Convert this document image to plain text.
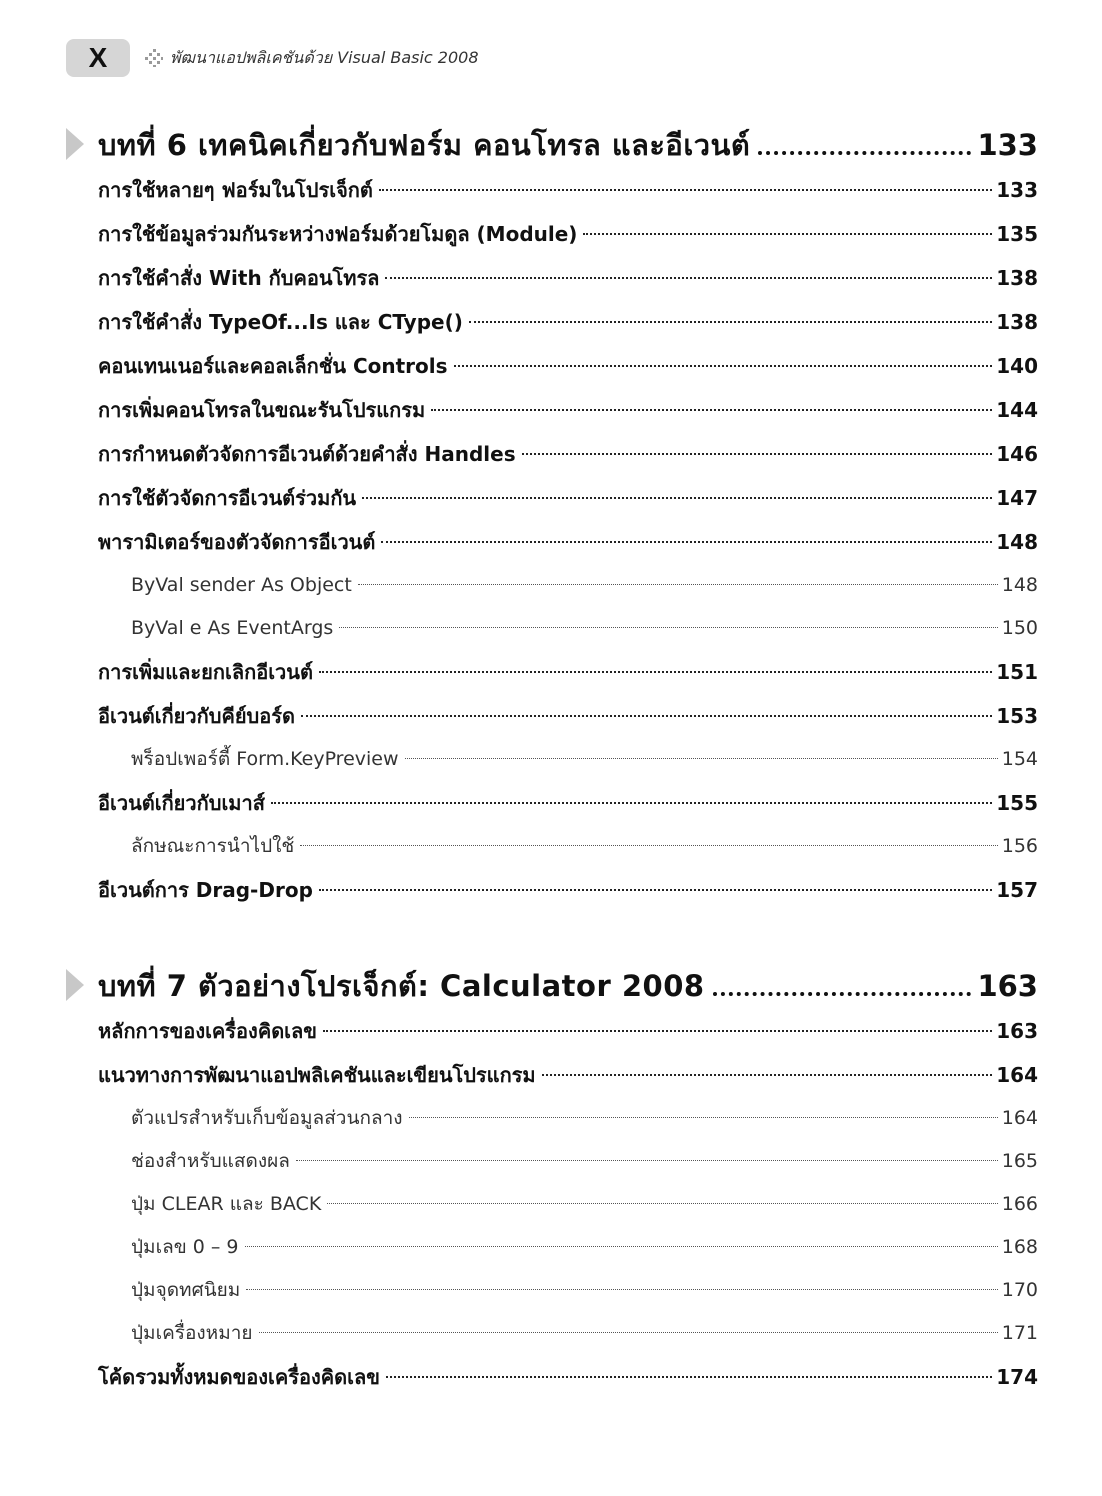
X	พัฒนาแอปพลิเคชันด้วย Visual Basic 2008
บทที่ 6 เทคนิคเกี่ยวกับฟอร์ม คอนโทรล และอีเวนต์	133
การใช้หลายๆ ฟอร์มในโปรเจ็กต์	133
การใช้ข้อมูลร่วมกันระหว่างฟอร์มด้วยโมดูล (Module)	135
การใช้คำสั่ง With กับคอนโทรล	138
การใช้คำสั่ง TypeOf...Is และ CType()	138
คอนเทนเนอร์และคอลเล็กชั่น Controls	140
การเพิ่มคอนโทรลในขณะรันโปรแกรม	144
การกำหนดตัวจัดการอีเวนต์ด้วยคำสั่ง Handles	146
การใช้ตัวจัดการอีเวนต์ร่วมกัน	147
พารามิเตอร์ของตัวจัดการอีเวนต์	148
ByVal sender As Object	148
ByVal e As EventArgs	150
การเพิ่มและยกเลิกอีเวนต์	151
อีเวนต์เกี่ยวกับคีย์บอร์ด	153
พร็อปเพอร์ตี้ Form.KeyPreview	154
อีเวนต์เกี่ยวกับเมาส์	155
ลักษณะการนำไปใช้	156
อีเวนต์การ Drag-Drop	157
บทที่ 7 ตัวอย่างโปรเจ็กต์: Calculator 2008	163
หลักการของเครื่องคิดเลข	163
แนวทางการพัฒนาแอปพลิเคชันและเขียนโปรแกรม	164
ตัวแปรสำหรับเก็บข้อมูลส่วนกลาง	164
ช่องสำหรับแสดงผล	165
ปุ่ม CLEAR และ BACK	166
ปุ่มเลข 0 – 9	168
ปุ่มจุดทศนิยม	170
ปุ่มเครื่องหมาย	171
โค้ดรวมทั้งหมดของเครื่องคิดเลข	174
